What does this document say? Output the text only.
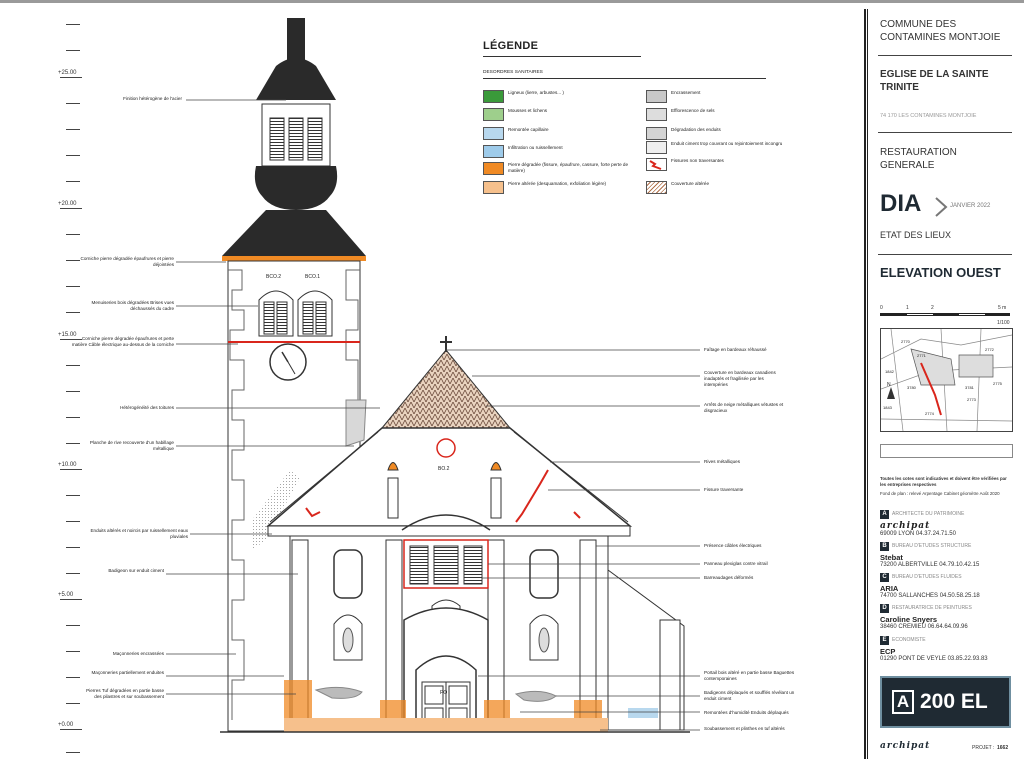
+25.00
+20.00
+15.00
+10.00
+5.00
+0.00
BCO.2	BCO.1
BO.2
PO
Finition hétérogène de l'acier
Corniche pierre dégradée épaufrures et pierre déjointées
Menuiseries bois dégradées Brises vues déchaussés du cadre
Corniche pierre dégradée épaufrures et perte matière Câble électrique au-dessus de la corniche
Hétérogénéité des toitures
Planche de rive recouverte d'un habillage métallique
Enduits altérés et noircis par ruissellement eaux pluviales
Badigeon sur enduit ciment
Maçonneries encrassées
Maçonneries partiellement enduites
Pierres Tuf dégradées en partie basse des pilastres et sur soubassement
Faîtage en bardeaux réhaussé
Couverture en bardeaux canadiens inadaptés et fragilisée par les intempéries
Arrêts de neige métalliques vétustes et disgracieux
Rives métalliques
Fissure traversante
Présence câbles électriques
Panneau plexiglas contre vitrail
Barreaudages déformés
Portail bois altéré en partie basse Baguettes contemporaines
Badigeons déplaqués et soufflés révélant un enduit ciment
Remontées d'humidité Enduits déplaqués
Soubassement et plinthes en tuf altérés
LÉGENDE
DESORDRES SANITAIRES
Ligneux (lierre, arbustes... )
Mousses et lichens
Remontée capillaire
Infiltration ou ruissellement
Pierre dégradée (fissure, épaufrure, cassure, forte perte de matière)
Pierre altérée (desquamation, exfoliation légère)
Encrassement
Efflorescence de sels
Dégradation des enduits
Enduit ciment trop couvrant ou rejointoiement incongru
Fissures non traversantes
Couverture altérée
COMMUNE DES CONTAMINES MONTJOIE
EGLISE DE LA SAINTE TRINITE
74 170 LES CONTAMINES MONTJOIE
RESTAURATION GENERALE
DIA	JANVIER 2022
ETAT DES LIEUX
ELEVATION OUEST
0	1	2	5 m
1/100
N
2770
2771
3780
2772
2773
2774
2775
3781
1843
1842
Toutes les cotes sont indicatives et doivent être vérifiées par les entreprises respectives
Fond de plan : relevé Arpentage Cabinet géomètre Août 2020
A	ARCHITECTE DU PATRIMOINE
archipat
69009 LYON 04.37.24.71.50
B	BUREAU D'ETUDES STRUCTURE
Stebat
73200 ALBERTVILLE 04.79.10.42.15
C	BUREAU D'ETUDES FLUIDES
ARIA
74700 SALLANCHES 04.50.58.25.18
D	RESTAURATRICE DE PEINTURES
Caroline Snyers
38460 CREMIEU 06.64.64.09.96
E	ECONOMISTE
ECP
01290 PONT DE VEYLE 03.85.22.93.83
A 200 EL
archipat	PROJET : 1662
